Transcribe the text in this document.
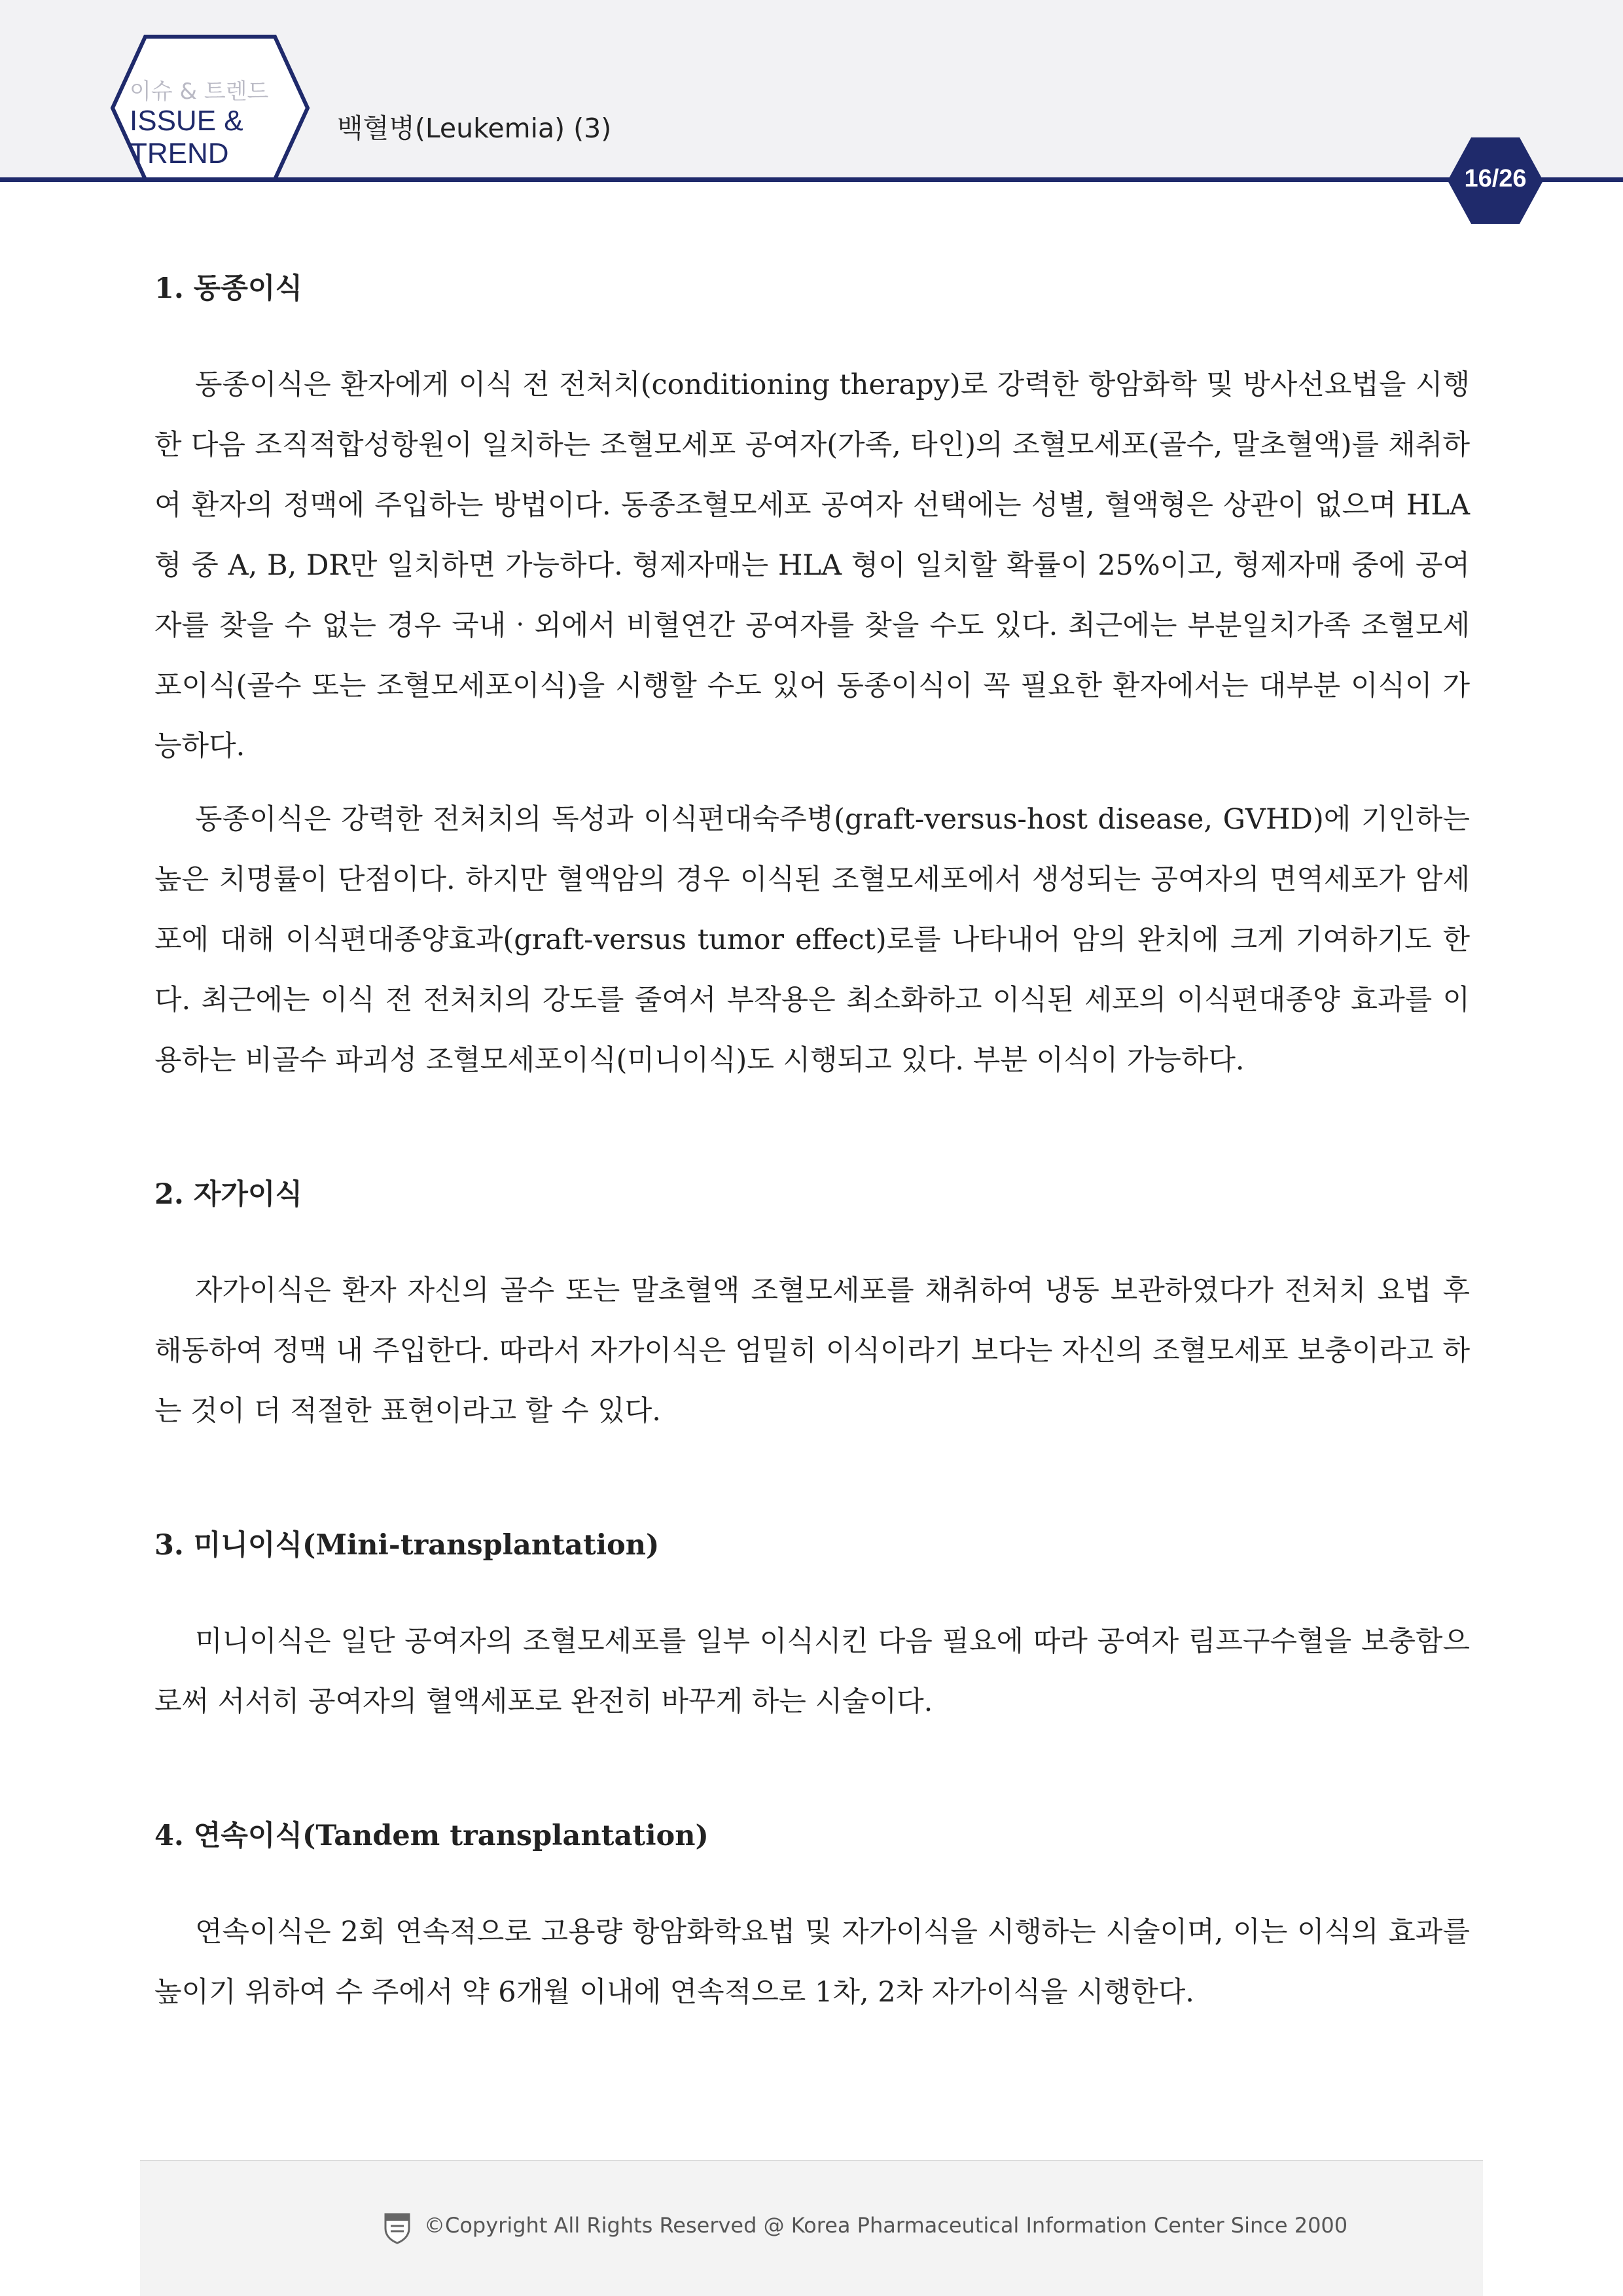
이슈 & 트렌드
ISSUE &
TREND
백혈병(Leukemia) (3)
16/26
1. 동종이식

동종이식은 환자에게 이식 전 전처치(conditioning therapy)로 강력한 항암화학 및 방사선요법을 시행한 다음 조직적합성항원이 일치하는 조혈모세포 공여자(가족, 타인)의 조혈모세포(골수, 말초혈액)를 채취하여 환자의 정맥에 주입하는 방법이다. 동종조혈모세포 공여자 선택에는 성별, 혈액형은 상관이 없으며 HLA 형 중 A, B, DR만 일치하면 가능하다. 형제자매는 HLA 형이 일치할 확률이 25%이고, 형제자매 중에 공여자를 찾을 수 없는 경우 국내‧외에서 비혈연간 공여자를 찾을 수도 있다. 최근에는 부분일치가족 조혈모세포이식(골수 또는 조혈모세포이식)을 시행할 수도 있어 동종이식이 꼭 필요한 환자에서는 대부분 이식이 가능하다.

동종이식은 강력한 전처치의 독성과 이식편대숙주병(graft-versus-host disease, GVHD)에 기인하는 높은 치명률이 단점이다. 하지만 혈액암의 경우 이식된 조혈모세포에서 생성되는 공여자의 면역세포가 암세포에 대해 이식편대종양효과(graft-versus tumor effect)로를 나타내어 암의 완치에 크게 기여하기도 한다. 최근에는 이식 전 전처치의 강도를 줄여서 부작용은 최소화하고 이식된 세포의 이식편대종양 효과를 이용하는 비골수 파괴성 조혈모세포이식(미니이식)도 시행되고 있다. 부분 이식이 가능하다.

2. 자가이식

자가이식은 환자 자신의 골수 또는 말초혈액 조혈모세포를 채취하여 냉동 보관하였다가 전처치 요법 후 해동하여 정맥 내 주입한다. 따라서 자가이식은 엄밀히 이식이라기 보다는 자신의 조혈모세포 보충이라고 하는 것이 더 적절한 표현이라고 할 수 있다.

3. 미니이식(Mini-transplantation)

미니이식은 일단 공여자의 조혈모세포를 일부 이식시킨 다음 필요에 따라 공여자 림프구수혈을 보충함으로써 서서히 공여자의 혈액세포로 완전히 바꾸게 하는 시술이다.

4. 연속이식(Tandem transplantation)

연속이식은 2회 연속적으로 고용량 항암화학요법 및 자가이식을 시행하는 시술이며, 이는 이식의 효과를 높이기 위하여 수 주에서 약 6개월 이내에 연속적으로 1차, 2차 자가이식을 시행한다.

©Copyright All Rights Reserved @ Korea Pharmaceutical Information Center Since 2000
